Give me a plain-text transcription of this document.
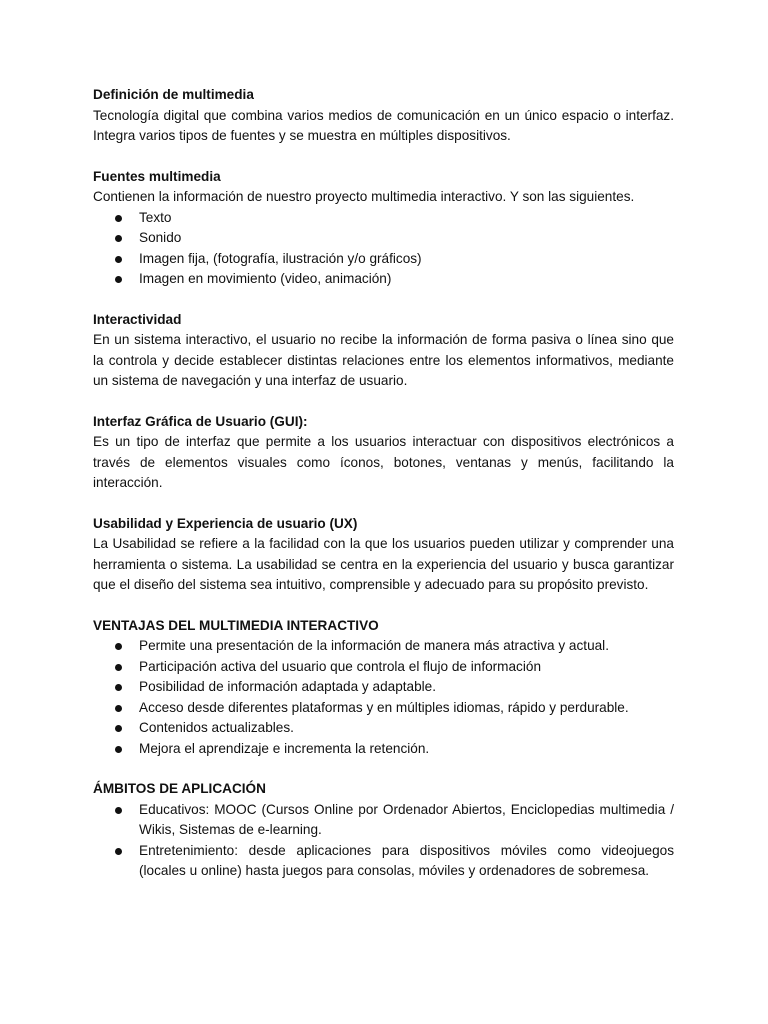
Definición de multimedia

Tecnología digital que combina varios medios de comunicación en un único espacio o interfaz. Integra varios tipos de fuentes y se muestra en múltiples dispositivos.

Fuentes multimedia

Contienen la información de nuestro proyecto multimedia interactivo. Y son las siguientes.

Texto
Sonido
Imagen fija, (fotografía, ilustración y/o gráficos)
Imagen en movimiento (video, animación)

Interactividad

En un sistema interactivo, el usuario no recibe la información de forma pasiva o línea sino que la controla y decide establecer distintas relaciones entre los elementos informativos, mediante un sistema de navegación y una interfaz de usuario.

Interfaz Gráfica de Usuario (GUI):

Es un tipo de interfaz que permite a los usuarios interactuar con dispositivos electrónicos a través de elementos visuales como íconos, botones, ventanas y menús, facilitando la interacción.

Usabilidad y Experiencia de usuario (UX)

La Usabilidad se refiere a la facilidad con la que los usuarios pueden utilizar y comprender una herramienta o sistema. La usabilidad se centra en la experiencia del usuario y busca garantizar que el diseño del sistema sea intuitivo, comprensible y adecuado para su propósito previsto.

VENTAJAS DEL MULTIMEDIA INTERACTIVO

Permite una presentación de la información de manera más atractiva y actual.
Participación activa del usuario que controla el flujo de información
Posibilidad de información adaptada y adaptable.
Acceso desde diferentes plataformas y en múltiples idiomas, rápido y perdurable.
Contenidos actualizables.
Mejora el aprendizaje e incrementa la retención.

ÁMBITOS DE APLICACIÓN

Educativos: MOOC (Cursos Online por Ordenador Abiertos, Enciclopedias multimedia / Wikis, Sistemas de e-learning.
Entretenimiento: desde aplicaciones para dispositivos móviles como videojuegos (locales u online) hasta juegos para consolas, móviles y ordenadores de sobremesa.
